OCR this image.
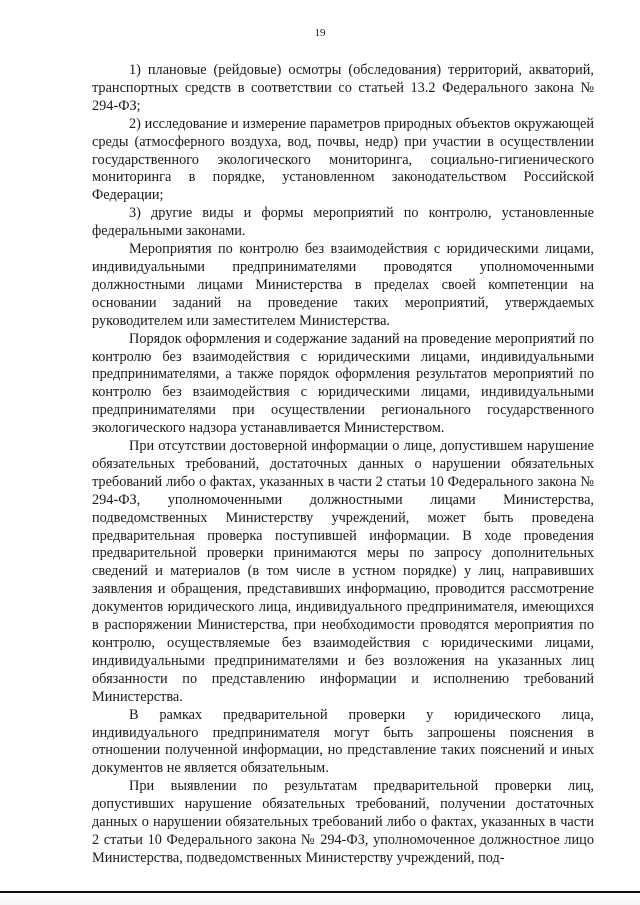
19

1) плановые (рейдовые) осмотры (обследования) территорий, акваторий, транспортных средств в соответствии со статьей 13.2 Федерального закона № 294-ФЗ;

2) исследование и измерение параметров природных объектов окружающей среды (атмосферного воздуха, вод, почвы, недр) при участии в осуществлении государственного экологического мониторинга, социально-гигиенического мониторинга в порядке, установленном законодательством Российской Федерации;

3) другие виды и формы мероприятий по контролю, установленные федеральными законами.

Мероприятия по контролю без взаимодействия с юридическими лицами, индивидуальными предпринимателями проводятся уполномоченными должностными лицами Министерства в пределах своей компетенции на основании заданий на проведение таких мероприятий, утверждаемых руководителем или заместителем Министерства.

Порядок оформления и содержание заданий на проведение мероприятий по контролю без взаимодействия с юридическими лицами, индивидуальными предпринимателями, а также порядок оформления результатов мероприятий по контролю без взаимодействия с юридическими лицами, индивидуальными предпринимателями при осуществлении регионального государственного экологического надзора устанавливается Министерством.

При отсутствии достоверной информации о лице, допустившем нарушение обязательных требований, достаточных данных о нарушении обязательных требований либо о фактах, указанных в части 2 статьи 10 Федерального закона № 294-ФЗ, уполномоченными должностными лицами Министерства, подведомственных Министерству учреждений, может быть проведена предварительная проверка поступившей информации. В ходе проведения предварительной проверки принимаются меры по запросу дополнительных сведений и материалов (в том числе в устном порядке) у лиц, направивших заявления и обращения, представивших информацию, проводится рассмотрение документов юридического лица, индивидуального предпринимателя, имеющихся в распоряжении Министерства, при необходимости проводятся мероприятия по контролю, осуществляемые без взаимодействия с юридическими лицами, индивидуальными предпринимателями и без возложения на указанных лиц обязанности по представлению информации и исполнению требований Министерства.

В рамках предварительной проверки у юридического лица, индивидуального предпринимателя могут быть запрошены пояснения в отношении полученной информации, но представление таких пояснений и иных документов не является обязательным.

При выявлении по результатам предварительной проверки лиц, допустивших нарушение обязательных требований, получении достаточных данных о нарушении обязательных требований либо о фактах, указанных в части 2 статьи 10 Федерального закона № 294-ФЗ, уполномоченное должностное лицо Министерства, подведомственных Министерству учреждений, под-
